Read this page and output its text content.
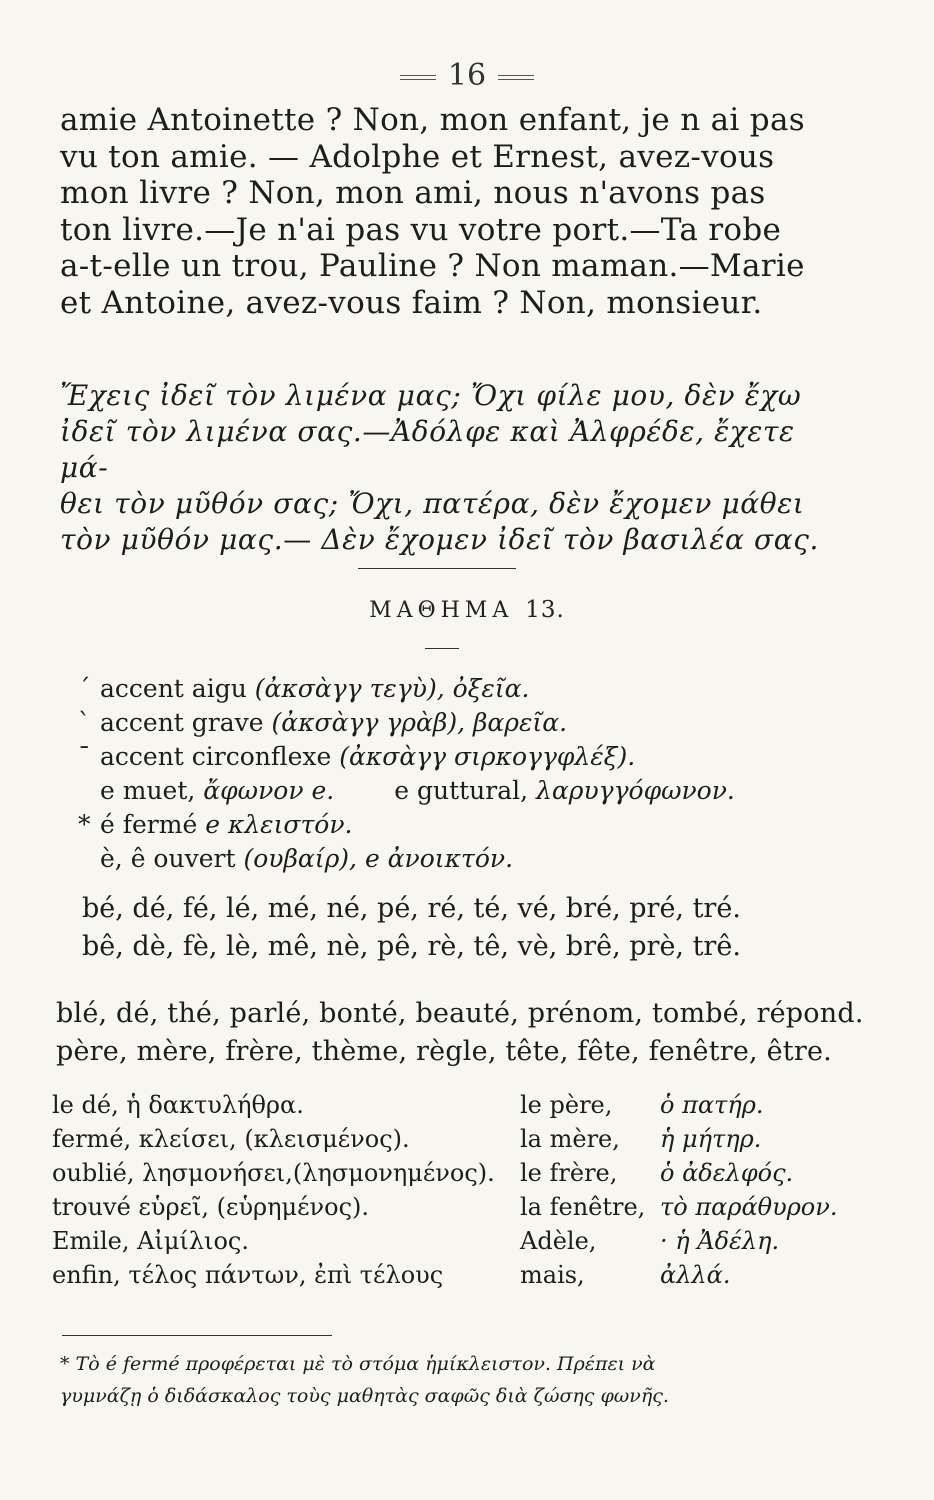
16

amie Antoinette ? Non, mon enfant, je n ai pas

vu ton amie. — Adolphe et Ernest, avez-vous

mon livre ? Non, mon ami, nous n'avons pas

ton livre.—Je n'ai pas vu votre port.—Ta robe

a-t-elle un trou, Pauline ? Non maman.—Marie

et Antoine, avez-vous faim ? Non, monsieur.

Ἔχεις ἰδεῖ τὸν λιμένα μας; Ὄχι φίλε μου, δὲν ἔχω

ἰδεῖ τὸν λιμένα σας.—Ἀδόλφε καὶ Ἀλφρέδε, ἔχετε μά-

θει τὸν μῦθόν σας; Ὄχι, πατέρα, δὲν ἔχομεν μάθει

τὸν μῦθόν μας.— Δὲν ἔχομεν ἰδεῖ τὸν βασιλέα σας.

ΜΑΘΗΜΑ 13.
´ accent aigu (ἀκσὰγγ τεγὺ), ὀξεῖα.
` accent grave (ἀκσὰγγ γρὰβ), βαρεῖα.
ˉ accent circonflexe (ἀκσὰγγ σιρκογγφλέξ).
e muet, ἄφωνον e. e guttural, λαρυγγόφωνον.
* é fermé e κλειστόν.
è, ê ouvert (ουβαίρ), e ἀνοικτόν.
bé, dé, fé, lé, mé, né, pé, ré, té, vé, bré, pré, tré.
bê, dè, fè, lè, mê, nè, pê, rè, tê, vè, brê, prè, trê.
blé, dé, thé, parlé, bonté, beauté, prénom, tombé, répond.
père, mère, frère, thème, règle, tête, fête, fenêtre, être.
le dé, ἡ δακτυλήθρα.	le père,	ὁ πατήρ.
fermé, κλείσει, (κλεισμένος).	la mère,	ἡ μήτηρ.
oublié, λησμονήσει,(λησμονημένος).	le frère,	ὁ ἀδελφός.
trouvé εὑρεῖ, (εὑρημένος).	la fenêtre, τὸ παράθυρον.
Emile, Αἰμίλιος.	Adèle,	· ἡ Ἀδέλη.
enfin, τέλος πάντων, ἐπὶ τέλους	mais,	ἀλλά.

* Τὸ é fermé προφέρεται μὲ τὸ στόμα ἡμίκλειστον. Πρέπει νὰ

γυμνάζῃ ὁ διδάσκαλος τοὺς μαθητὰς σαφῶς διὰ ζώσης φωνῆς.
